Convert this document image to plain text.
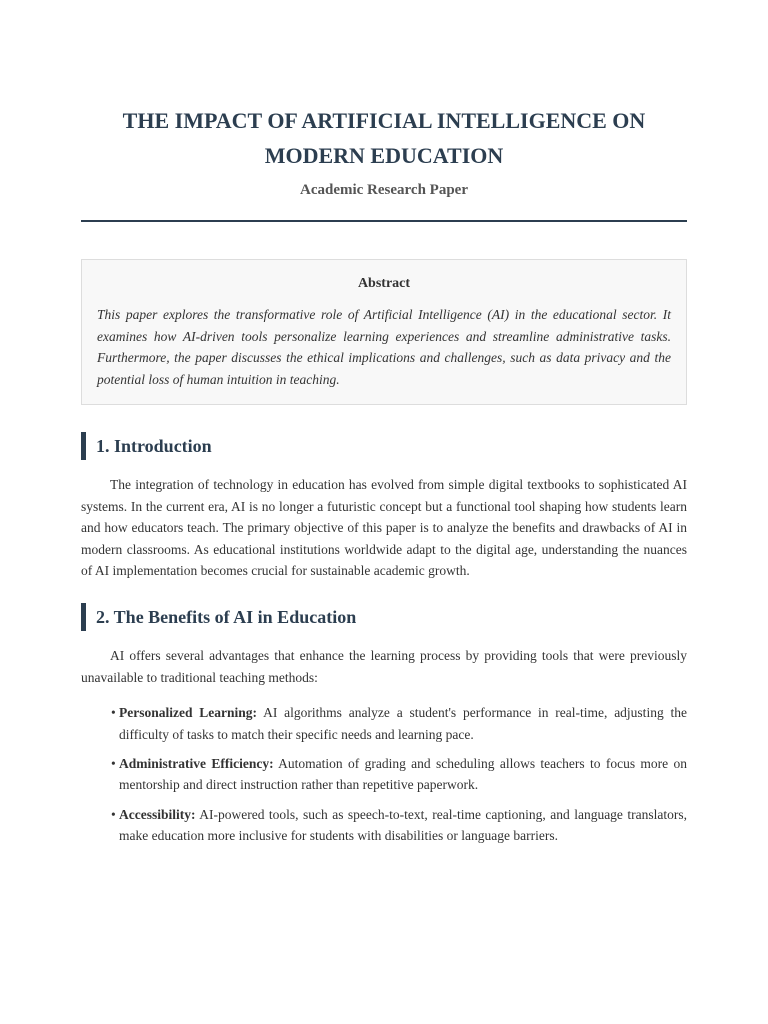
THE IMPACT OF ARTIFICIAL INTELLIGENCE ON MODERN EDUCATION

Academic Research Paper

Abstract

This paper explores the transformative role of Artificial Intelligence (AI) in the educational sector. It examines how AI-driven tools personalize learning experiences and streamline administrative tasks. Furthermore, the paper discusses the ethical implications and challenges, such as data privacy and the potential loss of human intuition in teaching.

1. Introduction

The integration of technology in education has evolved from simple digital textbooks to sophisticated AI systems. In the current era, AI is no longer a futuristic concept but a functional tool shaping how students learn and how educators teach. The primary objective of this paper is to analyze the benefits and drawbacks of AI in modern classrooms. As educational institutions worldwide adapt to the digital age, understanding the nuances of AI implementation becomes crucial for sustainable academic growth.

2. The Benefits of AI in Education

AI offers several advantages that enhance the learning process by providing tools that were previously unavailable to traditional teaching methods:

• Personalized Learning: AI algorithms analyze a student's performance in real-time, adjusting the difficulty of tasks to match their specific needs and learning pace.
• Administrative Efficiency: Automation of grading and scheduling allows teachers to focus more on mentorship and direct instruction rather than repetitive paperwork.
• Accessibility: AI-powered tools, such as speech-to-text, real-time captioning, and language translators, make education more inclusive for students with disabilities or language barriers.
